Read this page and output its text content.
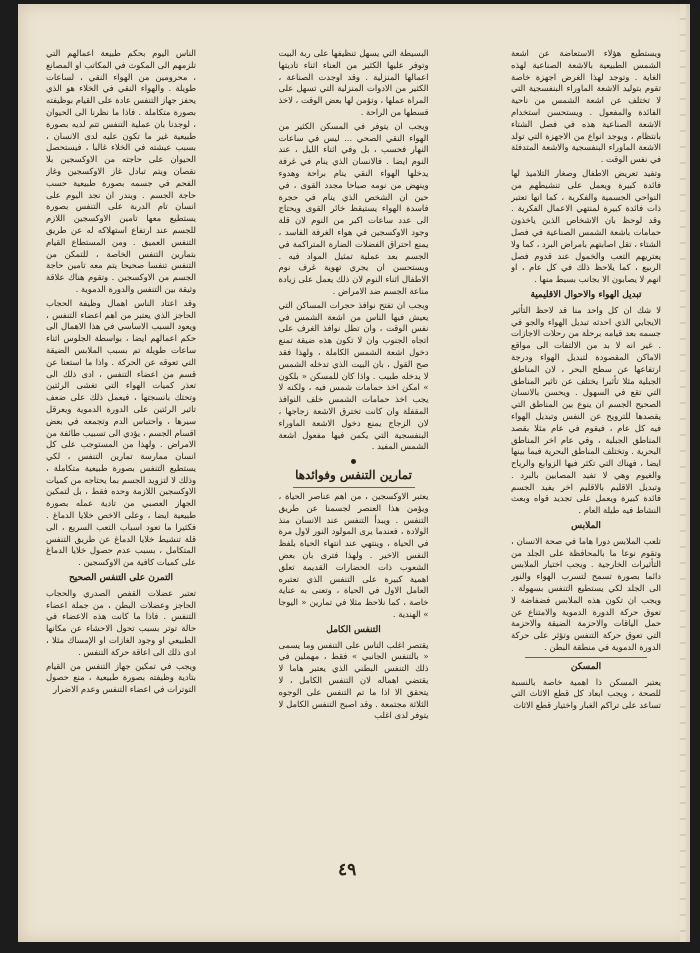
ويستطيع هؤلاء الاستعاضة عن اشعة الشمس الطبيعية بالاشعة الصناعية لهذه الغاية . وتوجد لهذا الغرض اجهزة خاصة تقوم بتوليد الاشعة الماوراء البنفسجية التي لا تختلف عن اشعة الشمس من ناحية الفائدة والمفعول . ويستحسن استخدام الاشعة الصناعية هذه في فصل الشتاء بانتظام ، ويوجد انواع من الاجهزة التي تولد الاشعة الماوراء البنفسجية والاشعة المتدفئة في نفس الوقت .

وتفيد تعريض الاطفال وصغار التلاميذ لها فائدة كبيرة ويعمل على تنشيطهم من النواحي الجسمية والفكرية ، كما انها تعتبر ذات فائدة كبيرة لمنتهي الاعمال الفكرية . وقد لوحظ بان الاشخاص الذين ياخذون حمامات باشعة الشمس الصناعية في فصل الشتاء ، تقل اصابتهم بامراض البرد ، كما ولا يعتريهم التعب والخمول عند قدوم فصل الربيع ، كما يلاحظ ذلك في كل عام ، او انهم لا يصابون الا بجانب بسيط منها .

تبديل الهواء والاحوال الاقليمية

لا شك ان كل واحد منا قد لاحظ التأثير الايجابي الذي احدثه تبديل الهواء والجو في جسمه بعد قيامه برحلة من رحلات الاجازات . غير انه لا بد من الالتفات الى مواقع الاماكن المقصودة لتبديل الهواء ودرجة ارتفاعها عن سطح البحر ، لان المناطق الجبلية مثلا تأثيرا يختلف عن تاثير المناطق التي تقع في السهول . ويحسن بالانسان الصحيح الجسم ان ينوع بين المناطق التي يقصدها للترويح عن النفس وتبديل الهواء فيه كل عام ، فيقوم في عام مثلا بقصد المناطق الجبلية ، وفي عام اخر المناطق البحرية . وتختلف المناطق البحرية فيما بينها ايضا ، فهناك التي تكثر فيها الزوابع والرياح والغيوم وهي لا تفيد المصابين بالبرد . وتبديل الاقليم بالاقليم اخر يفيد الجسم فائدة كبيرة ويعمل على تجديد قواه وبعث النشاط فيه طيلة العام .

الملابس

تلعب الملابس دورا هاما في صحة الانسان ، وتقوم نوعا ما بالمحافظة على الجلد من التأثيرات الخارجية . ويجب اختيار الملابس دائما بصورة تسمح لتسرب الهواء والنور الى الجلد لكي يستطيع التنفس بسهولة . ويجب ان تكون هذه الملابس فضفاضة لا تعوق حركة الدورة الدموية والامتناع عن حمل الياقات والاحزمة الضيقة والاحزمة التي تعوق حركة التنفس وتؤثر على حركة الدورة الدموية في منطقة البطن .

المسكن

يعتبر المسكن ذا اهمية خاصة بالنسبة للصحة ، ويجب ابعاد كل قطع الاثاث التي تساعد على تراكم الغبار واختيار قطع الاثاث

البسيطة التي يسهل تنظيفها على ربة البيت وتوفر عليها الكثير من العناء اثناء تاديتها اعمالها المنزلية . وقد اوجدت الصناعة ، الكثير من الادوات المنزلية التي تسهل على المراة عملها ، وتؤمن لها بعض الوقت ، لاخذ قسطها من الراحة .

ويجب ان يتوفر في المسكن الكثير من الهواء النقي الصحي ... ليس في ساعات النهار فحسب ، بل وفي اثناء الليل ، عند النوم ايضا . فالانسان الذي ينام في غرفة يدخلها الهواء النقي ينام براحة وهدوء وينهض من نومه صباحا مجدد القوى ، في حين ان الشخص الذي ينام في حجرة فاسدة الهواء يستيقظ خائر القوى ويحتاج الى عدد ساعات اكبر من النوم لان قلة وجود الاوكسجين في هواء الغرفة الفاسد ، يمنع احتراق الفضلات الضارة المتراكمة في الجسم بعد عملية تمثيل المواد فيه . ويستحسن ان يجري تهوية غرف نوم الاطفال اثناء النوم لان ذلك يعمل على زيادة مناعة الجسم ضد الامراض .

ويجب ان تفتح نوافذ حجرات المساكن التي يعيش فيها الناس من اشعة الشمس في نفس الوقت ، وان تطل نوافذ الغرف على اتجاه الجنوب وان لا تكون هذه ضيقة تمنع دخول اشعة الشمس الكاملة ، ولهذا فقد صح القول ، بان البيت الذي تدخله الشمس لا يدخله طبيب . واذا كان للمسكن « بلكون » امكن اخذ حمامات شمس فيه ، ولكنه لا يجب اخذ حمامات الشمس خلف النوافذ المقفلة وان كانت تخترق الاشعة زجاجها ، لان الزجاج يمنع دخول الاشعة الماوراء البنفسجية التي يكمن فيها مفعول اشعة الشمس المفيد .

تمارين التنفس وفوائدها

يعتبر الاوكسجين ، من اهم عناصر الحياة ، ويؤمن هذا العنصر لجسمنا عن طريق التنفس . ويبدأ التنفس عند الانسان منذ الولادة ، فعندما يرى المولود النور لاول مرة في الحياة ، وينتهي عند انتهاء الحياة بلفظ النفس الاخير . ولهذا فترى بان بعض الشعوب ذات الحضارات القديمة تعلق اهمية كبيرة على التنفس الذي تعتبره العامل الاول في الحياة ، وتعنى به عناية خاصة ، كما نلاحظ مثلا في تمارين « اليوجا » الهندية .

التنفس الكامل

يقتصر اغلب الناس على التنفس وما يسمى « بالتنفس الجانبي » فقط ، مهملين في ذلك التنفس البطني الذي يعتبر هاما لا يقتضي اهماله لان التنفس الكامل ، لا يتحقق الا اذا ما تم التنفس على الوجوه الثلاثة مجتمعة . وقد اصبح التنفس الكامل لا يتوفر لدى اغلب

الناس اليوم بحكم طبيعة اعمالهم التي تلزمهم الى المكوث في المكاتب او المصانع ، محرومين من الهواء النقي ، لساعات طويلة . والهواء النقي في الخلاء هو الذي يحفز جهاز التنفس عادة على القيام بوظيفته بصورة متكاملة . فاذا ما نظرنا الى الحيوان ، لوجدنا بان عملية التنفس تتم لديه بصورة طبيعية غير ما تكون عليه لدى الانسان ، بسبب عيشته في الخلاء غالبا ، فيستحصل الحيوان على حاجته من الاوكسجين بلا نقصان ويتم تبادل غاز الاوكسجين وغاز الفحم في جسمه بصورة طبيعية حسب حاجة الجسم . ويندر ان نجد اليوم على انسان تام الدربة على التنفس بصورة يستطيع معها تامين الاوكسجين اللازم للجسم عند ارتفاع استهلاكه له عن طريق التنفس العميق . ومن المستطاع القيام بتمارين التنفس الخاصة ، للتمكن من التنفس تنفسا صحيحا يتم معه تامين حاجة الجسم من الاوكسجين . وتقوم هناك علاقة وثيقة بين التنفس والدورة الدموية .

وقد اعتاد الناس اهمال وظيفة الحجاب الحاجز الذي يعتبر من اهم اعضاء التنفس ، ويعود السبب الاساسي في هذا الاهمال الى حكم اعمالهم ايضا ، بواسطة الجلوس اثناء ساعات طويلة تم بسبب الملابس الضيقة التي تعوقه عن الحركة . واذا ما استعنا عن قسم من اعضاء التنفس ، ادى ذلك الى تعذر كميات الهواء التي تغشى الرئتين وتحتك بانسجتها ، فيعمل ذلك على ضعف تاثير الرئتين على الدورة الدموية ويعرقل سيرها ، واحتباس الدم وتجمعه في بعض اقسام الجسم ، يؤدي الى تسبيب طائفة من الامراض . ولهذا من المستوجب على كل انسان ممارسة تمارين التنفس ، لكي يستطيع التنفس بصورة طبيعية متكاملة ، وذلك لا لتزويد الجسم بما يحتاجه من كميات الاوكسجين اللازمة وحده فقط ، بل لتمكين الجهاز العصبي من تادية عمله بصورة طبيعية ايضا ، وعلى الاخص خلايا الدماغ . فكثيرا ما تعود اسباب التعب السريع ، الى قلة تنشيط خلايا الدماغ عن طريق التنفس المتكامل ، بسبب عدم حصول خلايا الدماغ على كميات كافية من الاوكسجين .

التمرن على التنفس الصحيح

تعتبر عضلات القفص الصدري والحجاب الحاجز وعضلات البطن ، من جملة اعضاء التنفس . فاذا ما كانت هذه الاعضاء في حالة توتر بسبب تحول الاحشاء عن مكانها الطبيعي او وجود الغازات او الإمساك مثلا ، ادى ذلك الى اعاقة حركة التنفس .

ويجب في تمكين جهاز التنفس من القيام بتادية وظيفته بصورة طبيعية ، منع حصول التوترات في اعضاء التنفس وعدم الاضرار

٤٩
